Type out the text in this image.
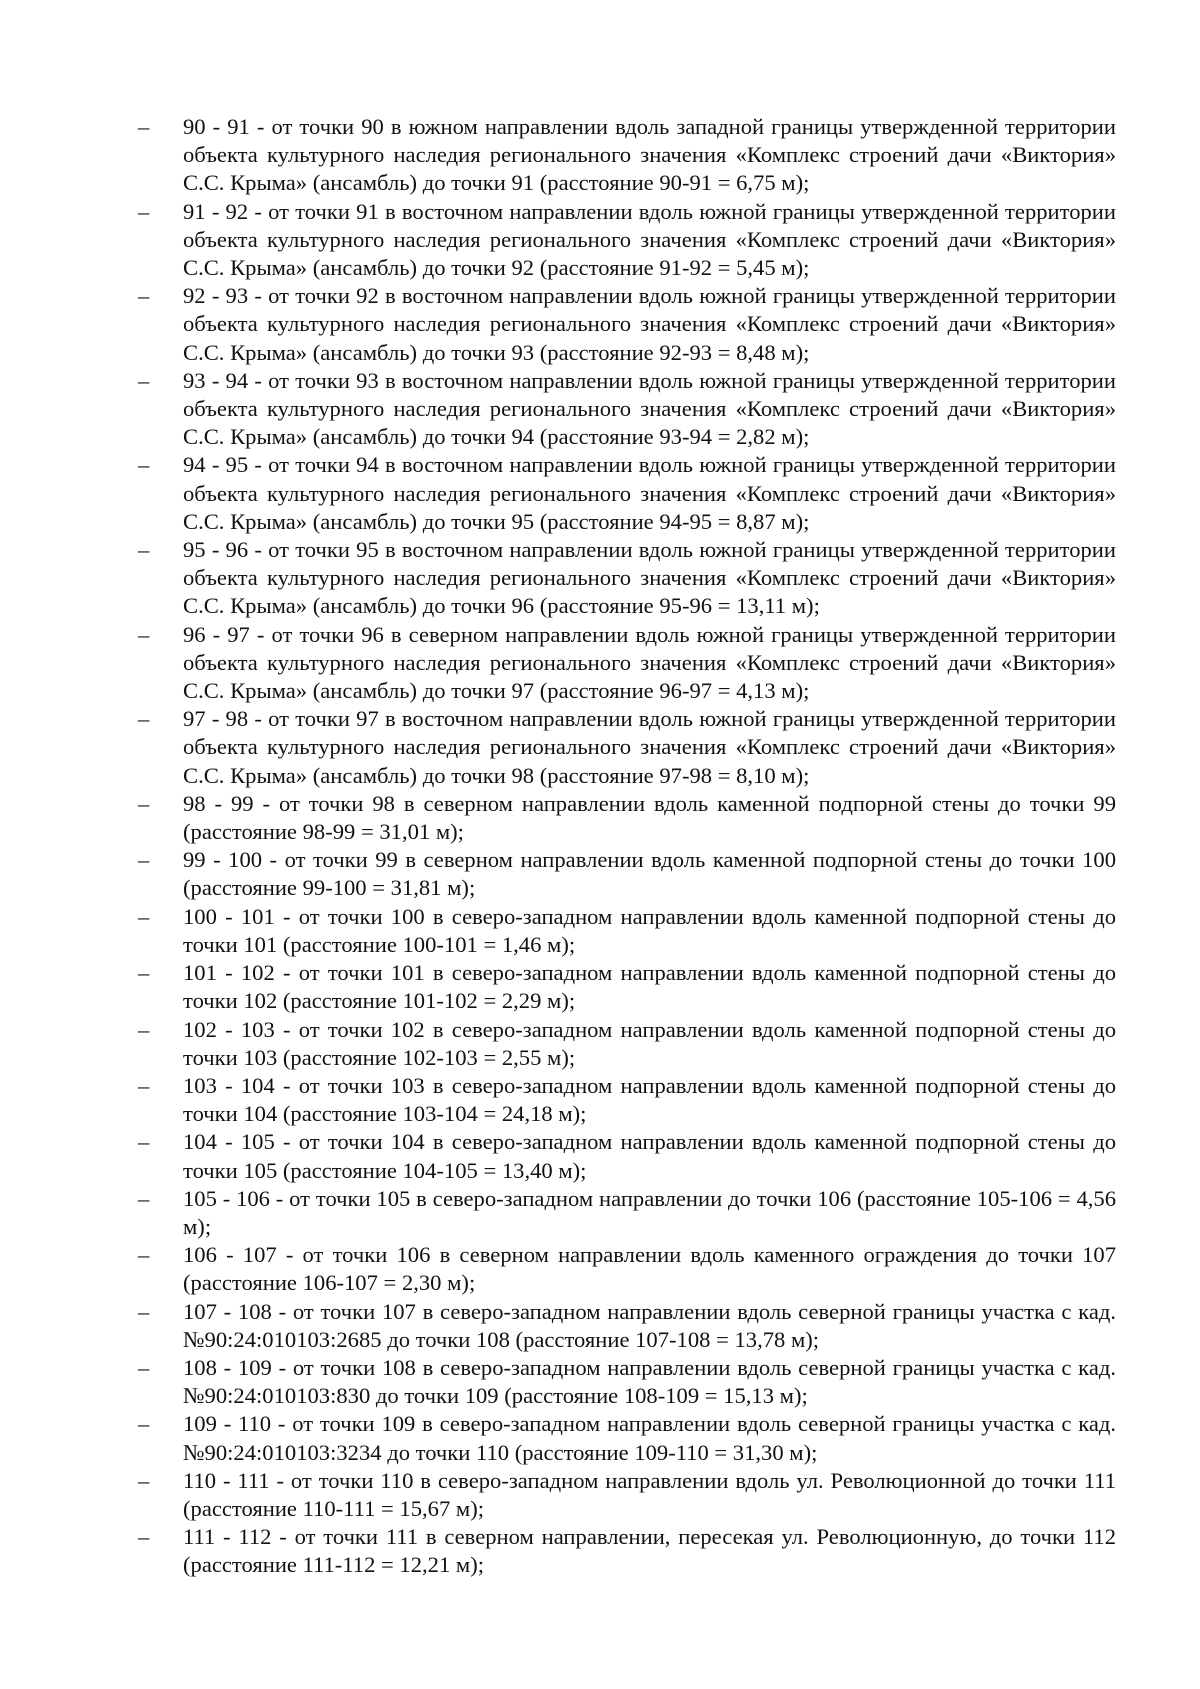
–	90 - 91 - от точки 90 в южном направлении вдоль западной границы утвержденной территории объекта культурного наследия регионального значения «Комплекс строений дачи «Виктория» С.С. Крыма» (ансамбль) до точки 91 (расстояние 90-91 = 6,75 м);
–	91 - 92 - от точки 91 в восточном направлении вдоль южной границы утвержденной территории объекта культурного наследия регионального значения «Комплекс строений дачи «Виктория» С.С. Крыма» (ансамбль) до точки 92 (расстояние 91-92 = 5,45 м);
–	92 - 93 - от точки 92 в восточном направлении вдоль южной границы утвержденной территории объекта культурного наследия регионального значения «Комплекс строений дачи «Виктория» С.С. Крыма» (ансамбль) до точки 93 (расстояние 92-93 = 8,48 м);
–	93 - 94 - от точки 93 в восточном направлении вдоль южной границы утвержденной территории объекта культурного наследия регионального значения «Комплекс строений дачи «Виктория» С.С. Крыма» (ансамбль) до точки 94 (расстояние 93-94 = 2,82 м);
–	94 - 95 - от точки 94 в восточном направлении вдоль южной границы утвержденной территории объекта культурного наследия регионального значения «Комплекс строений дачи «Виктория» С.С. Крыма» (ансамбль) до точки 95 (расстояние 94-95 = 8,87 м);
–	95 - 96 - от точки 95 в восточном направлении вдоль южной границы утвержденной территории объекта культурного наследия регионального значения «Комплекс строений дачи «Виктория» С.С. Крыма» (ансамбль) до точки 96 (расстояние 95-96 = 13,11 м);
–	96 - 97 - от точки 96 в северном направлении вдоль южной границы утвержденной территории объекта культурного наследия регионального значения «Комплекс строений дачи «Виктория» С.С. Крыма» (ансамбль) до точки 97 (расстояние 96-97 = 4,13 м);
–	97 - 98 - от точки 97 в восточном направлении вдоль южной границы утвержденной территории объекта культурного наследия регионального значения «Комплекс строений дачи «Виктория» С.С. Крыма» (ансамбль) до точки 98 (расстояние 97-98 = 8,10 м);
–	98 - 99 - от точки 98 в северном направлении вдоль каменной подпорной стены до точки 99 (расстояние 98-99 = 31,01 м);
–	99 - 100 - от точки 99 в северном направлении вдоль каменной подпорной стены до точки 100 (расстояние 99-100 = 31,81 м);
–	100 - 101 - от точки 100 в северо-западном направлении вдоль каменной подпорной стены до точки 101 (расстояние 100-101 = 1,46 м);
–	101 - 102 - от точки 101 в северо-западном направлении вдоль каменной подпорной стены до точки 102 (расстояние 101-102 = 2,29 м);
–	102 - 103 - от точки 102 в северо-западном направлении вдоль каменной подпорной стены до точки 103 (расстояние 102-103 = 2,55 м);
–	103 - 104 - от точки 103 в северо-западном направлении вдоль каменной подпорной стены до точки 104 (расстояние 103-104 = 24,18 м);
–	104 - 105 - от точки 104 в северо-западном направлении вдоль каменной подпорной стены до точки 105 (расстояние 104-105 = 13,40 м);
–	105 - 106 - от точки 105 в северо-западном направлении до точки 106 (расстояние 105-106 = 4,56 м);
–	106 - 107 - от точки 106 в северном направлении вдоль каменного ограждения до точки 107 (расстояние 106-107 = 2,30 м);
–	107 - 108 - от точки 107 в северо-западном направлении вдоль северной границы участка с кад. №90:24:010103:2685 до точки 108 (расстояние 107-108 = 13,78 м);
–	108 - 109 - от точки 108 в северо-западном направлении вдоль северной границы участка с кад. №90:24:010103:830 до точки 109 (расстояние 108-109 = 15,13 м);
–	109 - 110 - от точки 109 в северо-западном направлении вдоль северной границы участка с кад. №90:24:010103:3234 до точки 110 (расстояние 109-110 = 31,30 м);
–	110 - 111 - от точки 110 в северо-западном направлении вдоль ул. Революционной до точки 111 (расстояние 110-111 = 15,67 м);
–	111 - 112 - от точки 111 в северном направлении, пересекая ул. Революционную, до точки 112 (расстояние 111-112 = 12,21 м);
